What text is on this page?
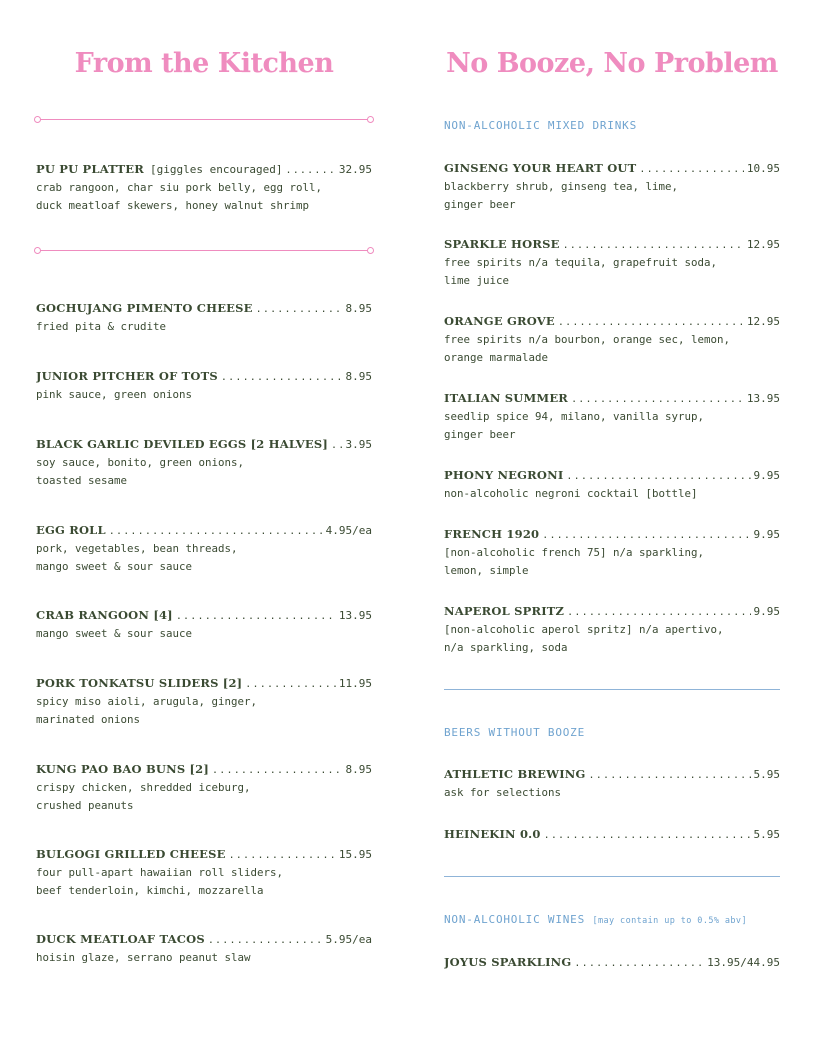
From the Kitchen
PU PU PLATTER [giggles encouraged] .....	32.95
crab rangoon, char siu pork belly, egg roll,
duck meatloaf skewers, honey walnut shrimp
GOCHUJANG PIMENTO CHEESE .....	8.95
fried pita & crudite
JUNIOR PITCHER OF TOTS .....	8.95
pink sauce, green onions
BLACK GARLIC DEVILED EGGS [2 HALVES] ..... 3.95
soy sauce, bonito, green onions,
toasted sesame
EGG ROLL .....	4.95/ea
pork, vegetables, bean threads,
mango sweet & sour sauce
CRAB RANGOON [4] .....	13.95
mango sweet & sour sauce
PORK TONKATSU SLIDERS [2] .....	11.95
spicy miso aioli, arugula, ginger,
marinated onions
KUNG PAO BAO BUNS [2] .....	8.95
crispy chicken, shredded iceburg,
crushed peanuts
BULGOGI GRILLED CHEESE .....	15.95
four pull-apart hawaiian roll sliders,
beef tenderloin, kimchi, mozzarella
DUCK MEATLOAF TACOS .....	5.95/ea
hoisin glaze, serrano peanut slaw
No Booze, No Problem
NON-ALCOHOLIC MIXED DRINKS
GINSENG YOUR HEART OUT .....	10.95
blackberry shrub, ginseng tea, lime,
ginger beer
SPARKLE HORSE .....	12.95
free spirits n/a tequila, grapefruit soda,
lime juice
ORANGE GROVE .....	12.95
free spirits n/a bourbon, orange sec, lemon,
orange marmalade
ITALIAN SUMMER .....	13.95
seedlip spice 94, milano, vanilla syrup,
ginger beer
PHONY NEGRONI .....	9.95
non-alcoholic negroni cocktail [bottle]
FRENCH 1920 .....	9.95
[non-alcoholic french 75] n/a sparkling,
lemon, simple
NAPEROL SPRITZ .....	9.95
[non-alcoholic aperol spritz] n/a apertivo,
n/a sparkling, soda
BEERS WITHOUT BOOZE
ATHLETIC BREWING .....	5.95
ask for selections
HEINEKIN 0.0 .....	5.95
NON-ALCOHOLIC WINES [may contain up to 0.5% abv]
JOYUS SPARKLING .....	13.95/44.95
